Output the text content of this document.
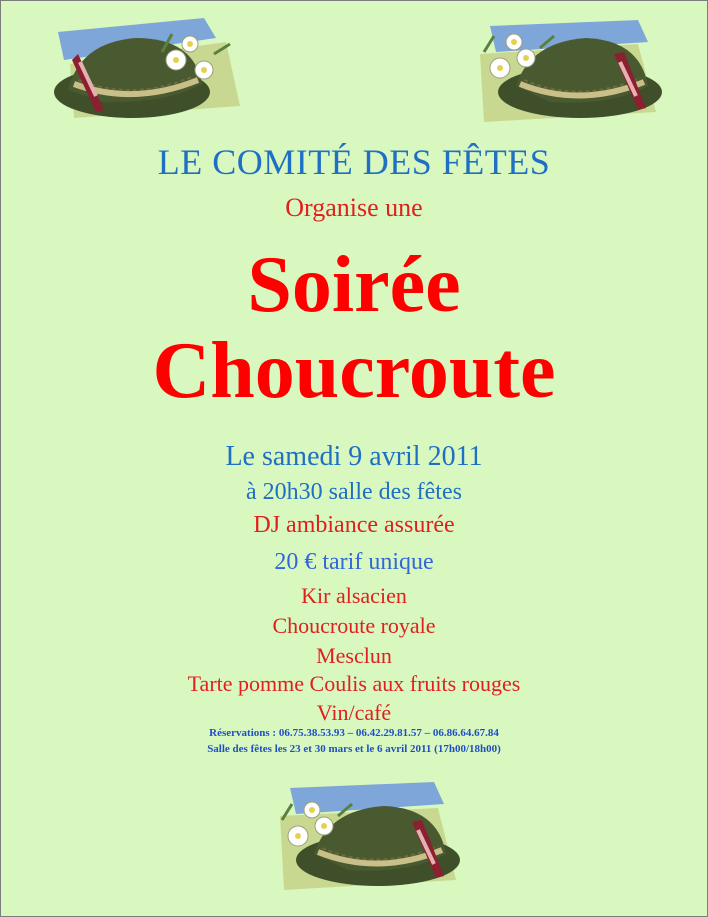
LE COMITÉ DES FÊTES
Organise une
Soirée
Choucroute
Le samedi 9 avril 2011
à 20h30 salle des fêtes
DJ ambiance assurée
20 € tarif unique
Kir alsacien
Choucroute royale
Mesclun
Tarte pomme Coulis aux fruits rouges
Vin/café
Réservations : 06.75.38.53.93 – 06.42.29.81.57 – 06.86.64.67.84
Salle des fêtes les 23 et 30 mars et le 6 avril 2011 (17h00/18h00)
